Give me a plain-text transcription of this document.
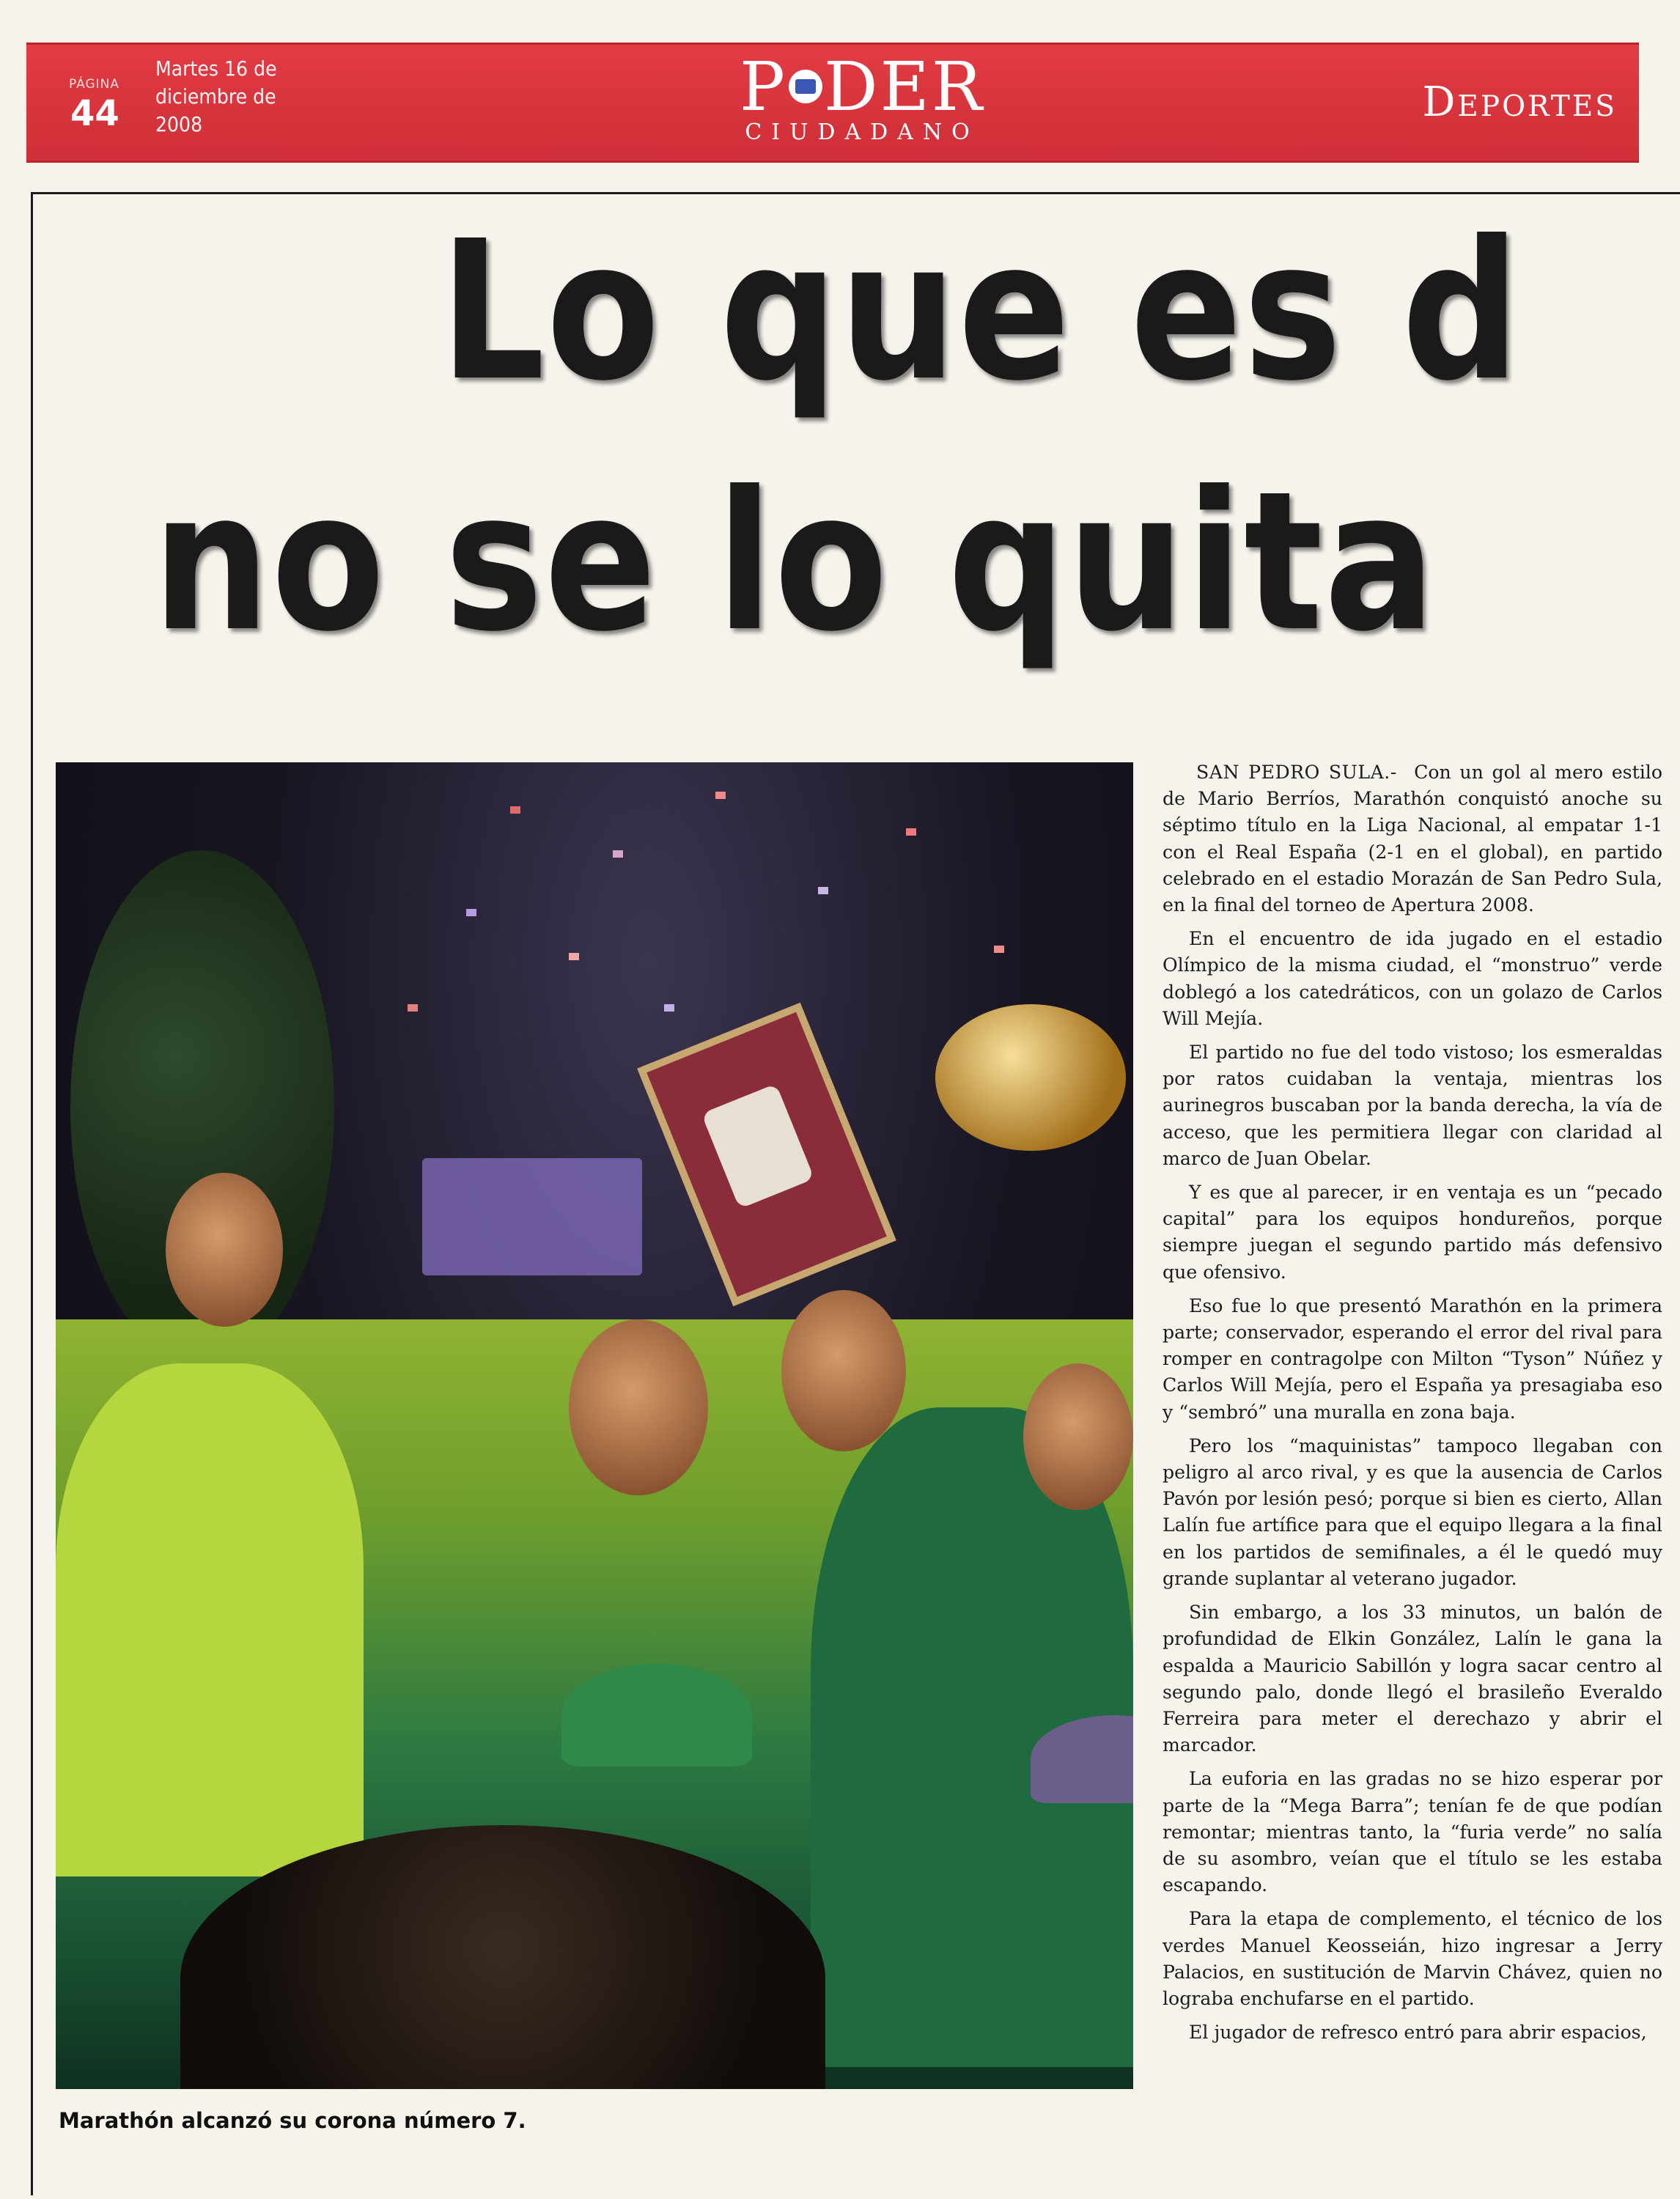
PÁGINA
44
Martes 16 de
diciembre de
2008	P DER
CIUDADANO
Deportes
Lo que es d
no se lo quita
Marathón alcanzó su corona número 7.

SAN PEDRO SULA.- Con un gol al mero estilo de Mario Berríos, Marathón conquistó anoche su séptimo título en la Liga Nacional, al empatar 1-1 con el Real España (2-1 en el global), en partido celebrado en el estadio Morazán de San Pedro Sula, en la final del torneo de Apertura 2008.

En el encuentro de ida jugado en el estadio Olímpico de la misma ciudad, el “monstruo” verde doblegó a los catedráticos, con un golazo de Carlos Will Mejía.

El partido no fue del todo vistoso; los esmeraldas por ratos cuidaban la ventaja, mientras los aurinegros buscaban por la banda derecha, la vía de acceso, que les permitiera llegar con claridad al marco de Juan Obelar.

Y es que al parecer, ir en ventaja es un “pecado capital” para los equipos hondureños, porque siempre juegan el segundo partido más defensivo que ofensivo.

Eso fue lo que presentó Marathón en la primera parte; conservador, esperando el error del rival para romper en contragolpe con Milton “Tyson” Núñez y Carlos Will Mejía, pero el España ya presagiaba eso y “sembró” una muralla en zona baja.

Pero los “maquinistas” tampoco llegaban con peligro al arco rival, y es que la ausencia de Carlos Pavón por lesión pesó; porque si bien es cierto, Allan Lalín fue artífice para que el equipo llegara a la final en los partidos de semifinales, a él le quedó muy grande suplantar al veterano jugador.

Sin embargo, a los 33 minutos, un balón de profundidad de Elkin González, Lalín le gana la espalda a Mauricio Sabillón y logra sacar centro al segundo palo, donde llegó el brasileño Everaldo Ferreira para meter el derechazo y abrir el marcador.

La euforia en las gradas no se hizo esperar por parte de la “Mega Barra”; tenían fe de que podían remontar; mientras tanto, la “furia verde” no salía de su asombro, veían que el título se les estaba escapando.

Para la etapa de complemento, el técnico de los verdes Manuel Keosseián, hizo ingresar a Jerry Palacios, en sustitución de Marvin Chávez, quien no lograba enchufarse en el partido.

El jugador de refresco entró para abrir espacios,
